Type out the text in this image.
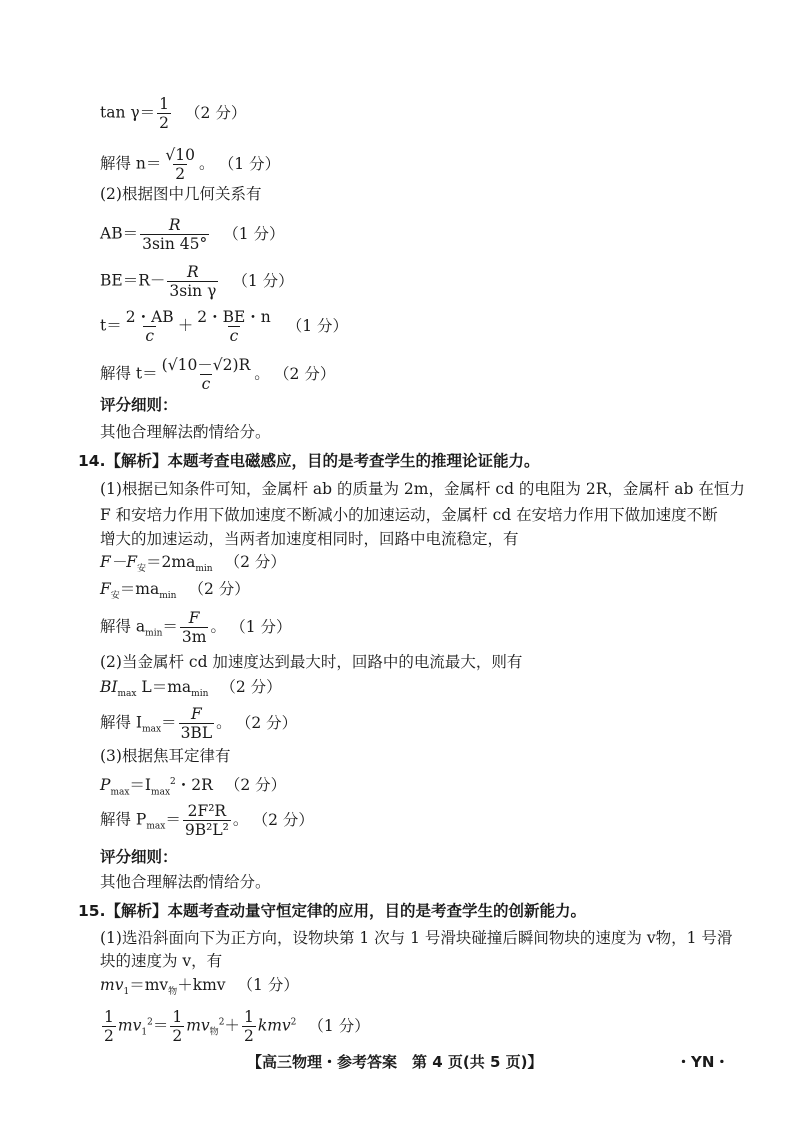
$\tan \gamma= \frac{1}{2} (2$ 分）
解得 $n= \frac{√10}{2}$ 。 （1 分）
(2)根据图中几何关系有
$AB= \frac{R}{3\sin 45^\circ} (1$ 分）
$BE=R- \frac{R}{\text{3sin γ}} (1$ 分）
$t= \frac{2・AB}{c} + \frac{2・BE・n}{c} (1$ 分）
解得 $t= \frac{(√10-√2)R}{c}$ 。 （2 分）
评分细则：
其他合理解法酌情给分。
14.【解析】本题考查电磁感应，目的是考查学生的推理论证能力。
(1)根据已知条件可知，金属杆 ab 的质量为 2m，金属杆 cd 的电阻为 2R，金属杆 ab 在恒力
F 和安培力作用下做加速度不断减小的加速运动，金属杆 cd 在安培力作用下做加速度不断
增大的加速运动，当两者加速度相同时，回路中电流稳定，有
$F-F_安=2ma_{min}$ （2 分）
$F_安=ma_{min}$ （2 分）
解得 $a_{min}= \frac{F}{3m}$ 。 （1 分）
(2)当金属杆 cd 加速度达到最大时，回路中的电流最大，则有
$BI_{max}$ $L=ma_{min}$ （2 分）
解得 $I_{max}= \frac{F}{3BL}$ 。 （2 分）
(3)根据焦耳定律有
$P_{max}=I_{max}^2$・2R （2 分）
解得 $P_{max}= \frac{\text{2F²R}}{\text{9B²L²}}$ 。 （2 分）
评分细则：
其他合理解法酌情给分。
15.【解析】本题考查动量守恒定律的应用，目的是考查学生的创新能力。
(1)选沿斜面向下为正方向，设物块第 1 次与 1 号滑块碰撞后瞬间物块的速度为 v物，1 号滑
块的速度为 v，有
$mv_1=mv_物+kmv$ （1 分）
$\frac{1}{2} mv_1^2= \frac{1}{2} mv_物^2+ \frac{1}{2} kmv^2$ （1 分）
【高三物理・参考答案　第 4 页(共 5 页)】	・YN・
